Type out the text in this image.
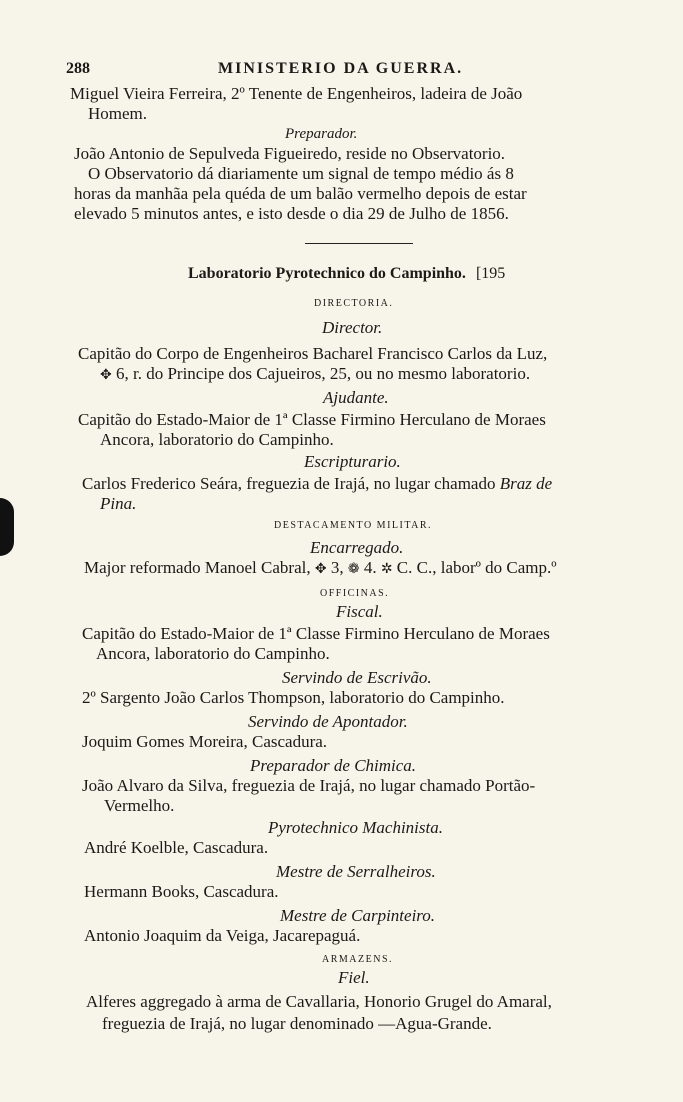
288	MINISTERIO DA GUERRA.
Miguel Vieira Ferreira, 2º Tenente de Engenheiros, ladeira de João
Homem.
Preparador.
João Antonio de Sepulveda Figueiredo, reside no Observatorio.
O Observatorio dá diariamente um signal de tempo médio ás 8
horas da manhãa pela quéda de um balão vermelho depois de estar
elevado 5 minutos antes, e isto desde o dia 29 de Julho de 1856.
Laboratorio Pyrotechnico do Campinho. [195
DIRECTORIA.
Director.
Capitão do Corpo de Engenheiros Bacharel Francisco Carlos da Luz,
✥ 6, r. do Principe dos Cajueiros, 25, ou no mesmo laboratorio.
Ajudante.
Capitão do Estado-Maior de 1ª Classe Firmino Herculano de Moraes
Ancora, laboratorio do Campinho.
Escripturario.
Carlos Frederico Seára, freguezia de Irajá, no lugar chamado Braz de
Pina.
DESTACAMENTO MILITAR.
Encarregado.
Major reformado Manoel Cabral, ✥ 3, ❁ 4. ✲ C. C., laborº do Camp.º
OFFICINAS.
Fiscal.
Capitão do Estado-Maior de 1ª Classe Firmino Herculano de Moraes
Ancora, laboratorio do Campinho.
Servindo de Escrivão.
2º Sargento João Carlos Thompson, laboratorio do Campinho.
Servindo de Apontador.
Joquim Gomes Moreira, Cascadura.
Preparador de Chimica.
João Alvaro da Silva, freguezia de Irajá, no lugar chamado Portão-
Vermelho.
Pyrotechnico Machinista.
André Koelble, Cascadura.
Mestre de Serralheiros.
Hermann Books, Cascadura.
Mestre de Carpinteiro.
Antonio Joaquim da Veiga, Jacarepaguá.
ARMAZENS.
Fiel.
Alferes aggregado à arma de Cavallaria, Honorio Grugel do Amaral,
freguezia de Irajá, no lugar denominado —Agua-Grande.
